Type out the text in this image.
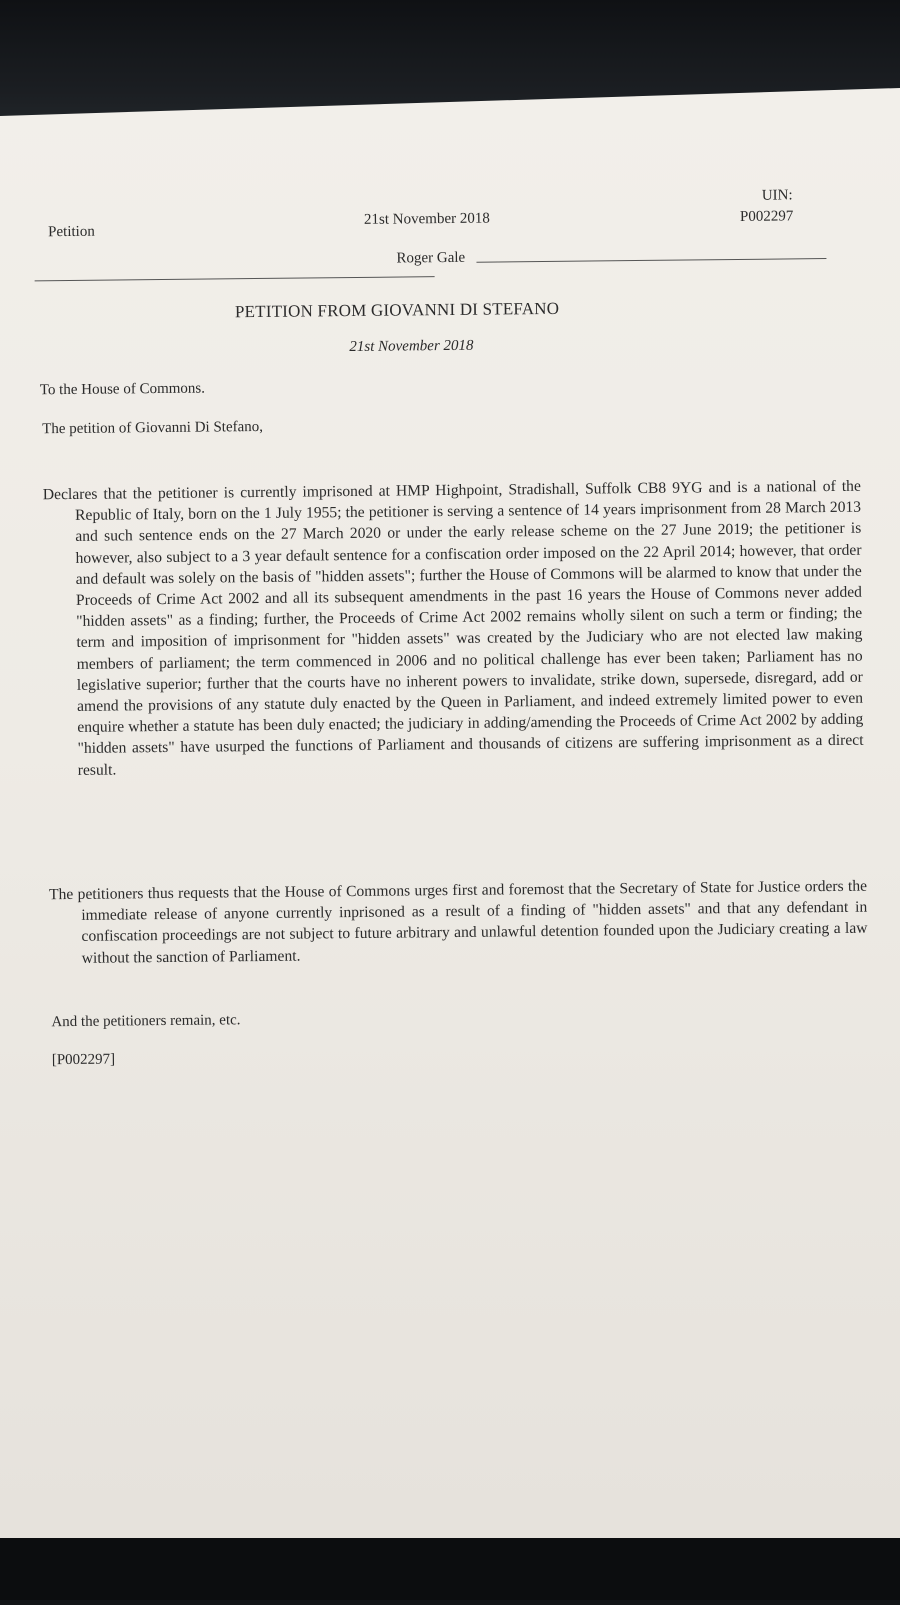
Petition
21st November 2018
UIN:
P002297
Roger Gale
PETITION FROM GIOVANNI DI STEFANO
21st November 2018
To the House of Commons.
The petition of Giovanni Di Stefano,
Declares that the petitioner is currently imprisoned at HMP Highpoint, Stradishall, Suffolk CB8 9YG and is a national of the Republic of Italy, born on the 1 July 1955; the petitioner is serving a sentence of 14 years imprisonment from 28 March 2013 and such sentence ends on the 27 March 2020 or under the early release scheme on the 27 June 2019; the petitioner is however, also subject to a 3 year default sentence for a confiscation order imposed on the 22 April 2014; however, that order and default was solely on the basis of "hidden assets"; further the House of Commons will be alarmed to know that under the Proceeds of Crime Act 2002 and all its subsequent amendments in the past 16 years the House of Commons never added "hidden assets" as a finding; further, the Proceeds of Crime Act 2002 remains wholly silent on such a term or finding; the term and imposition of imprisonment for "hidden assets" was created by the Judiciary who are not elected law making members of parliament; the term commenced in 2006 and no political challenge has ever been taken; Parliament has no legislative superior; further that the courts have no inherent powers to invalidate, strike down, supersede, disregard, add or amend the provisions of any statute duly enacted by the Queen in Parliament, and indeed extremely limited power to even enquire whether a statute has been duly enacted; the judiciary in adding/amending the Proceeds of Crime Act 2002 by adding "hidden assets" have usurped the functions of Parliament and thousands of citizens are suffering imprisonment as a direct result.
The petitioners thus requests that the House of Commons urges first and foremost that the Secretary of State for Justice orders the immediate release of anyone currently inprisoned as a result of a finding of "hidden assets" and that any defendant in confiscation proceedings are not subject to future arbitrary and unlawful detention founded upon the Judiciary creating a law without the sanction of Parliament.
And the petitioners remain, etc.
[P002297]
